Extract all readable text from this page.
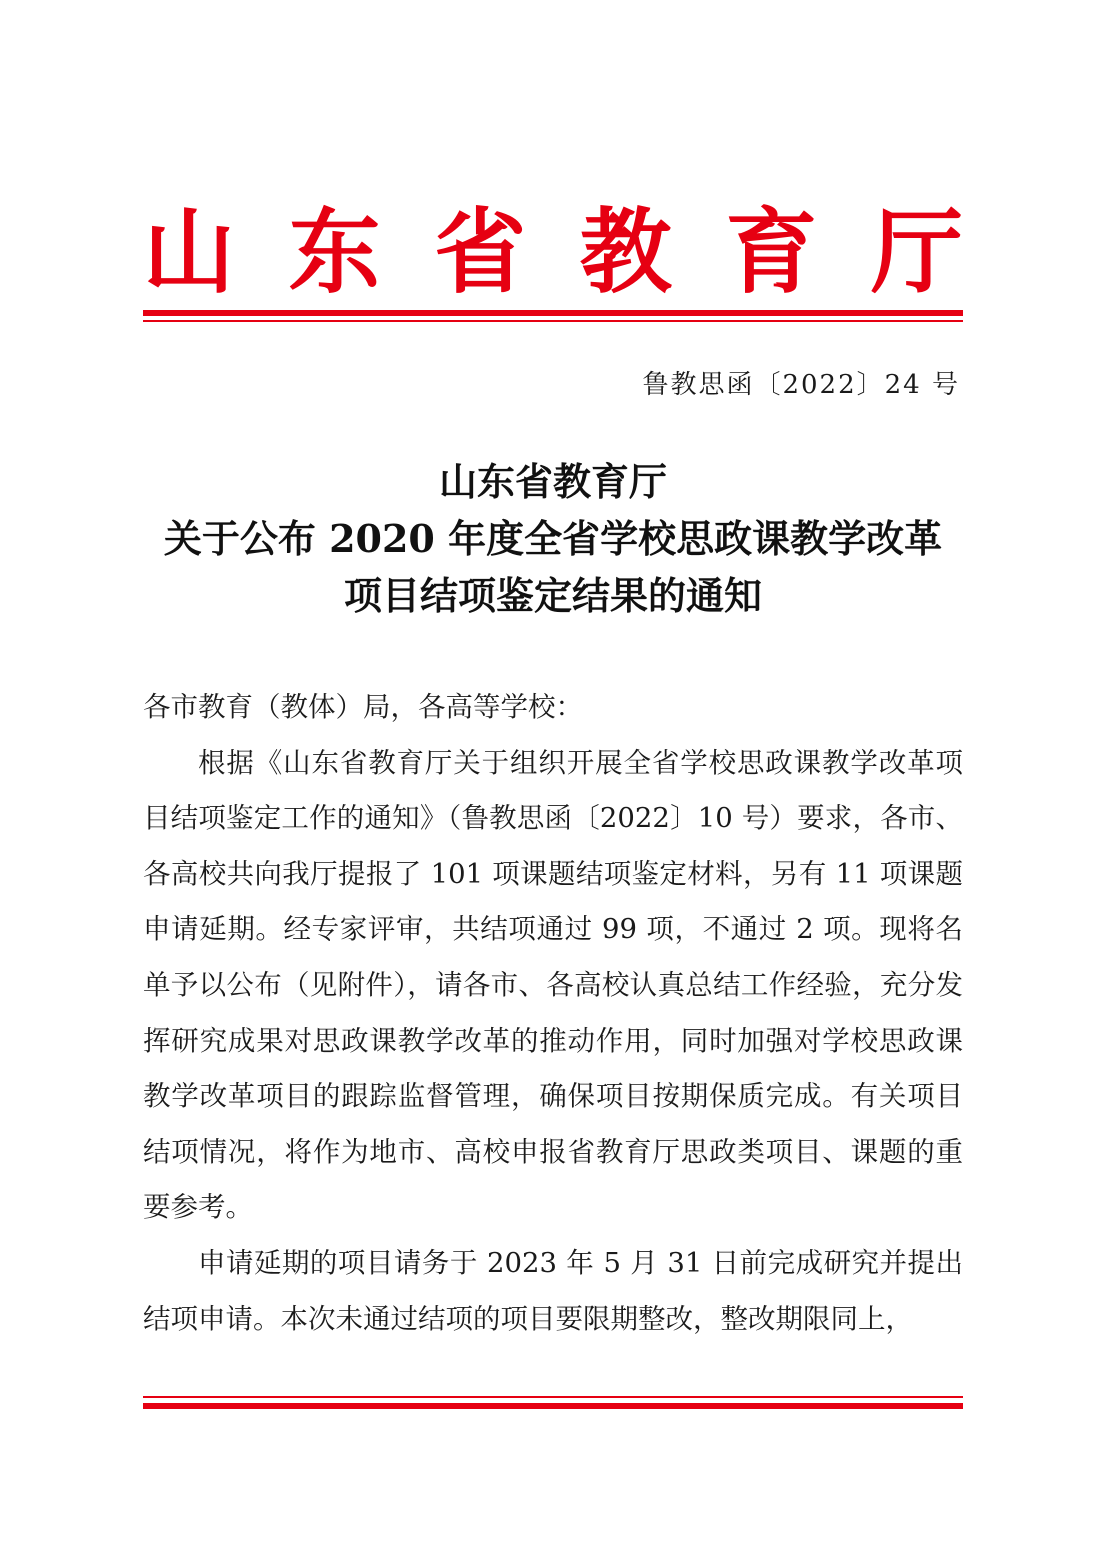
山 东 省 教 育 厅
鲁教思函〔2022〕24 号
山东省教育厅
关于公布 2020 年度全省学校思政课教学改革
项目结项鉴定结果的通知

各市教育（教体）局，各高等学校：

根据《山东省教育厅关于组织开展全省学校思政课教学改革项目结项鉴定工作的通知》（鲁教思函〔2022〕10 号）要求，各市、各高校共向我厅提报了 101 项课题结项鉴定材料，另有 11 项课题申请延期。经专家评审，共结项通过 99 项，不通过 2 项。现将名单予以公布（见附件），请各市、各高校认真总结工作经验，充分发挥研究成果对思政课教学改革的推动作用，同时加强对学校思政课教学改革项目的跟踪监督管理，确保项目按期保质完成。有关项目结项情况，将作为地市、高校申报省教育厅思政类项目、课题的重要参考。

申请延期的项目请务于 2023 年 5 月 31 日前完成研究并提出结项申请。本次未通过结项的项目要限期整改，整改期限同上，
